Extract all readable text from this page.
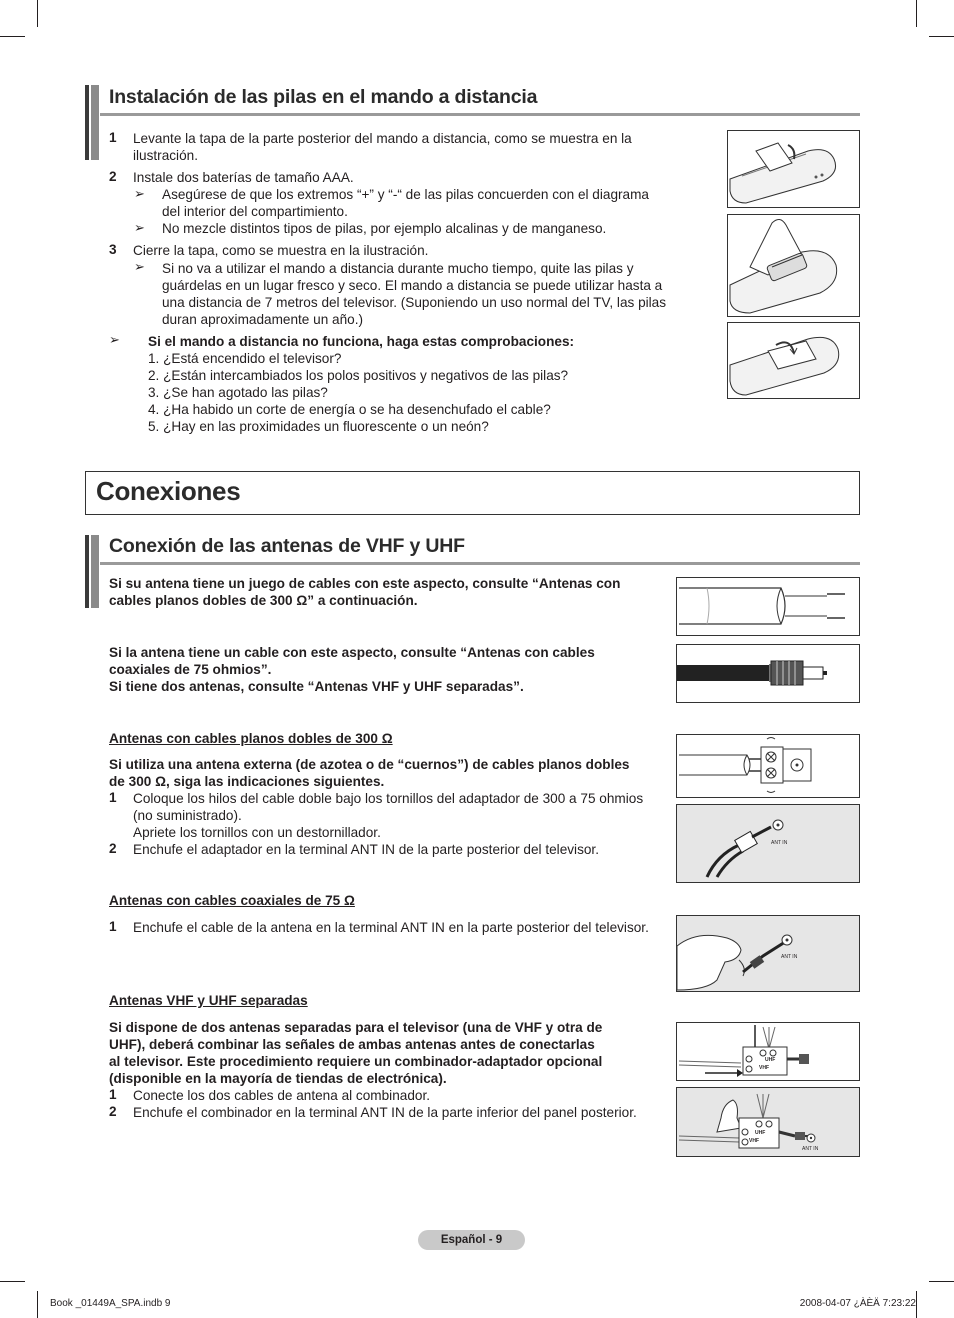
Instalación de las pilas en el mando a distancia
1 Levante la tapa de la parte posterior del mando a distancia, como se muestra en la
ilustración.
2 Instale dos baterías de tamaño AAA.
➢ Asegúrese de que los extremos “+” y “-“ de las pilas concuerden con el diagrama
del interior del compartimiento.
➢ No mezcle distintos tipos de pilas, por ejemplo alcalinas y de manganeso.
3 Cierre la tapa, como se muestra en la ilustración.
➢ Si no va a utilizar el mando a distancia durante mucho tiempo, quite las pilas y
guárdelas en un lugar fresco y seco. El mando a distancia se puede utilizar hasta a
una distancia de 7 metros del televisor. (Suponiendo un uso normal del TV, las pilas
duran aproximadamente un año.)
➢ Si el mando a distancia no funciona, haga estas comprobaciones:
1. ¿Está encendido el televisor?
2. ¿Están intercambiados los polos positivos y negativos de las pilas?
3. ¿Se han agotado las pilas?
4. ¿Ha habido un corte de energía o se ha desenchufado el cable?
5. ¿Hay en las proximidades un fluorescente o un neón?
Conexiones
Conexión de las antenas de VHF y UHF
Si su antena tiene un juego de cables con este aspecto, consulte “Antenas con
cables planos dobles de 300 Ω” a continuación.
Si la antena tiene un cable con este aspecto, consulte “Antenas con cables
coaxiales de 75 ohmios”.
Si tiene dos antenas, consulte “Antenas VHF y UHF separadas”.
Antenas con cables planos dobles de 300 Ω
Si utiliza una antena externa (de azotea o de “cuernos”) de cables planos dobles
de 300 Ω, siga las indicaciones siguientes.
1 Coloque los hilos del cable doble bajo los tornillos del adaptador de 300 a 75 ohmios
(no suministrado).
Apriete los tornillos con un destornillador.
2 Enchufe el adaptador en la terminal ANT IN de la parte posterior del televisor.
Antenas con cables coaxiales de 75 Ω
1 Enchufe el cable de la antena en la terminal ANT IN en la parte posterior del televisor.
Antenas VHF y UHF separadas
Si dispone de dos antenas separadas para el televisor (una de VHF y otra de
UHF), deberá combinar las señales de ambas antenas antes de conectarlas
al televisor. Este procedimiento requiere un combinador-adaptador opcional
(disponible en la mayoría de tiendas de electrónica).
1 Conecte los dos cables de antena al combinador.
2 Enchufe el combinador en la terminal ANT IN de la parte inferior del panel posterior.
ANT IN
ANT IN
UHF
VHF
UHF
VHF
ANT IN
Español - 9
Book _01449A_SPA.indb 9	2008-04-07 ¿ÀÈÄ 7:23:22
